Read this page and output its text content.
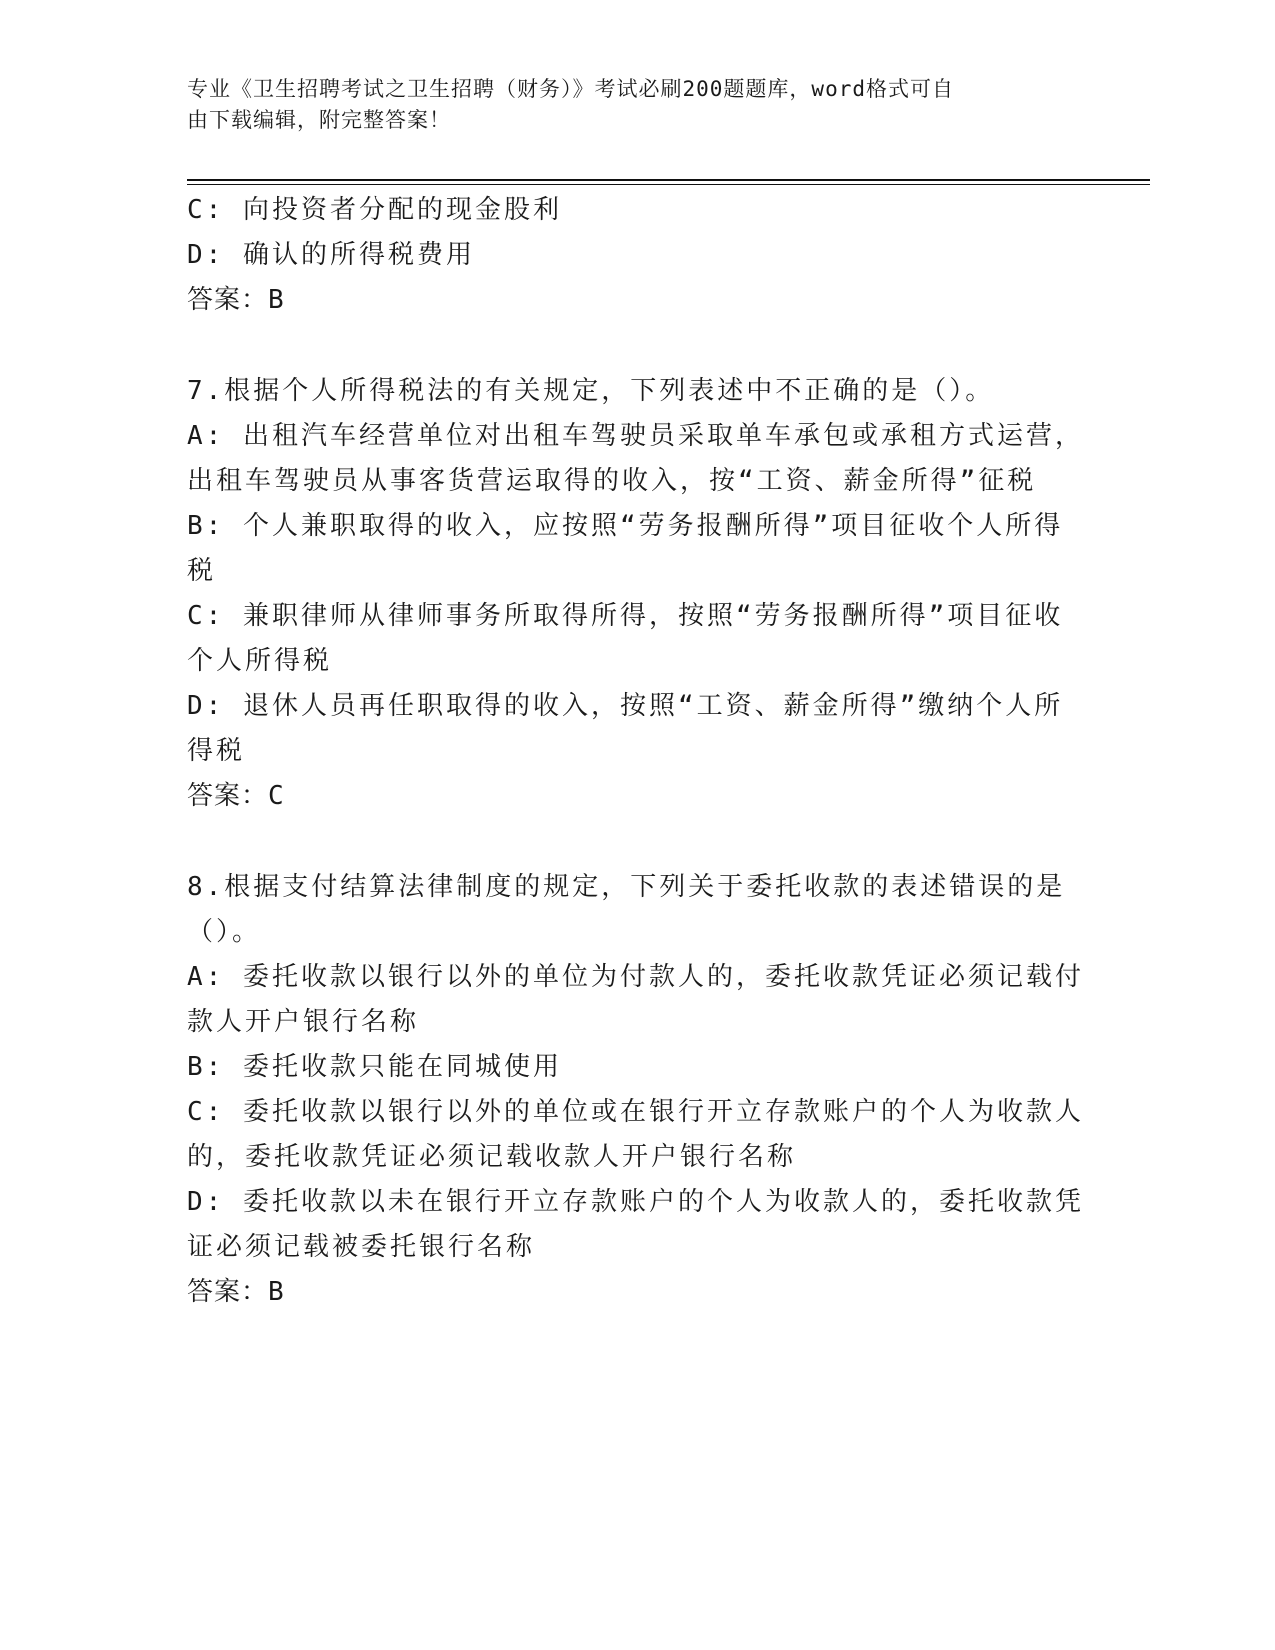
专业《卫生招聘考试之卫生招聘（财务）》考试必刷200题题库，word格式可自
由下载编辑，附完整答案！
C: 向投资者分配的现金股利
D: 确认的所得税费用
答案：B
7.根据个人所得税法的有关规定，下列表述中不正确的是（）。
A: 出租汽车经营单位对出租车驾驶员采取单车承包或承租方式运营，
出租车驾驶员从事客货营运取得的收入，按“工资、薪金所得”征税
B: 个人兼职取得的收入，应按照“劳务报酬所得”项目征收个人所得
税
C: 兼职律师从律师事务所取得所得，按照“劳务报酬所得”项目征收
个人所得税
D: 退休人员再任职取得的收入，按照“工资、薪金所得”缴纳个人所
得税
答案：C
8.根据支付结算法律制度的规定，下列关于委托收款的表述错误的是
（）。
A: 委托收款以银行以外的单位为付款人的，委托收款凭证必须记载付
款人开户银行名称
B: 委托收款只能在同城使用
C: 委托收款以银行以外的单位或在银行开立存款账户的个人为收款人
的，委托收款凭证必须记载收款人开户银行名称
D: 委托收款以未在银行开立存款账户的个人为收款人的，委托收款凭
证必须记载被委托银行名称
答案：B
